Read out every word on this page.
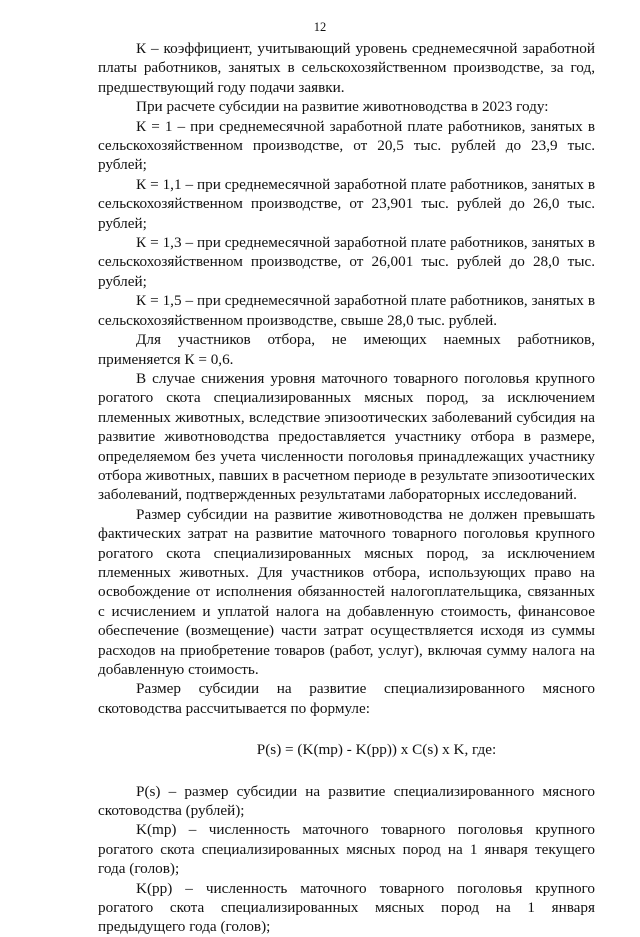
12

К – коэффициент, учитывающий уровень среднемесячной заработной платы работников, занятых в сельскохозяйственном производстве, за год, предшествующий году подачи заявки.

При расчете субсидии на развитие животноводства в 2023 году:

К = 1 – при среднемесячной заработной плате работников, занятых в сельскохозяйственном производстве, от 20,5 тыс. рублей до 23,9 тыс. рублей;

К = 1,1 – при среднемесячной заработной плате работников, занятых в сельскохозяйственном производстве, от 23,901 тыс. рублей до 26,0 тыс. рублей;

К = 1,3 – при среднемесячной заработной плате работников, занятых в сельскохозяйственном производстве, от 26,001 тыс. рублей до 28,0 тыс. рублей;

К = 1,5 – при среднемесячной заработной плате работников, занятых в сельскохозяйственном производстве, свыше 28,0 тыс. рублей.

Для участников отбора, не имеющих наемных работников, применяется К = 0,6.

В случае снижения уровня маточного товарного поголовья крупного рогатого скота специализированных мясных пород, за исключением племенных животных, вследствие эпизоотических заболеваний субсидия на развитие животноводства предоставляется участнику отбора в размере, определяемом без учета численности поголовья принадлежащих участнику отбора животных, павших в расчетном периоде в результате эпизоотических заболеваний, подтвержденных результатами лабораторных исследований.

Размер субсидии на развитие животноводства не должен превышать фактических затрат на развитие маточного товарного поголовья крупного рогатого скота специализированных мясных пород, за исключением племенных животных. Для участников отбора, использующих право на освобождение от исполнения обязанностей налогоплательщика, связанных с исчислением и уплатой налога на добавленную стоимость, финансовое обеспечение (возмещение) части затрат осуществляется исходя из суммы расходов на приобретение товаров (работ, услуг), включая сумму налога на добавленную стоимость.

Размер субсидии на развитие специализированного мясного скотоводства рассчитывается по формуле:

P(s) = (K(mp) - K(pp)) x C(s) x K, где:

P(s) – размер субсидии на развитие специализированного мясного скотоводства (рублей);

K(mp) – численность маточного товарного поголовья крупного рогатого скота специализированных мясных пород на 1 января текущего года (голов);

K(pp) – численность маточного товарного поголовья крупного рогатого скота специализированных мясных пород на 1 января предыдущего года (голов);
